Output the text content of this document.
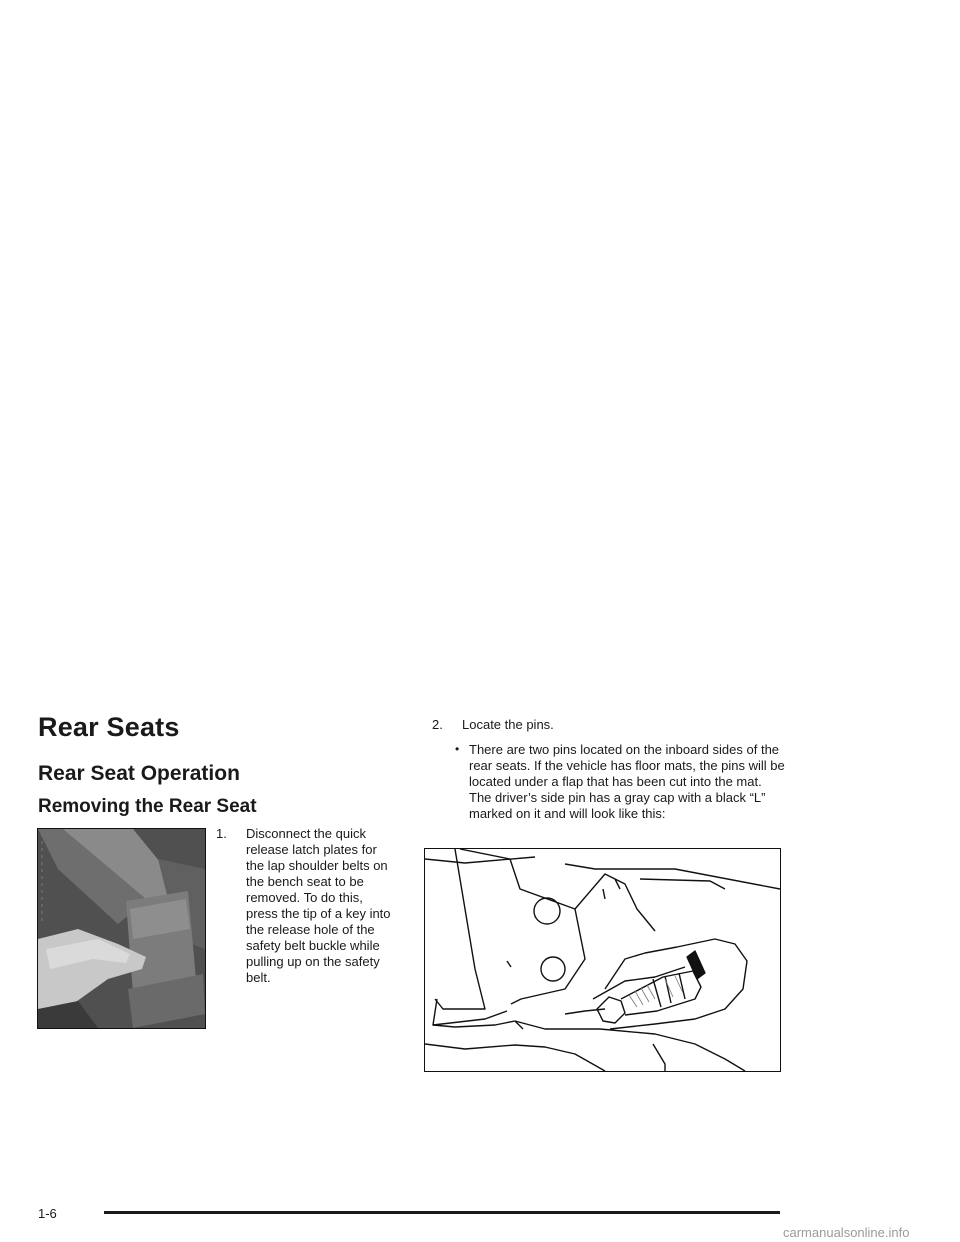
Rear Seats
Rear Seat Operation
Removing the Rear Seat
1. Disconnect the quick release latch plates for the lap shoulder belts on the bench seat to be removed. To do this, press the tip of a key into the release hole of the safety belt buckle while pulling up on the safety belt.
2. Locate the pins.
• There are two pins located on the inboard sides of the rear seats. If the vehicle has floor mats, the pins will be located under a flap that has been cut into the mat. The driver’s side pin has a gray cap with a black “L” marked on it and will look like this:
1-6
carmanualsonline.info
